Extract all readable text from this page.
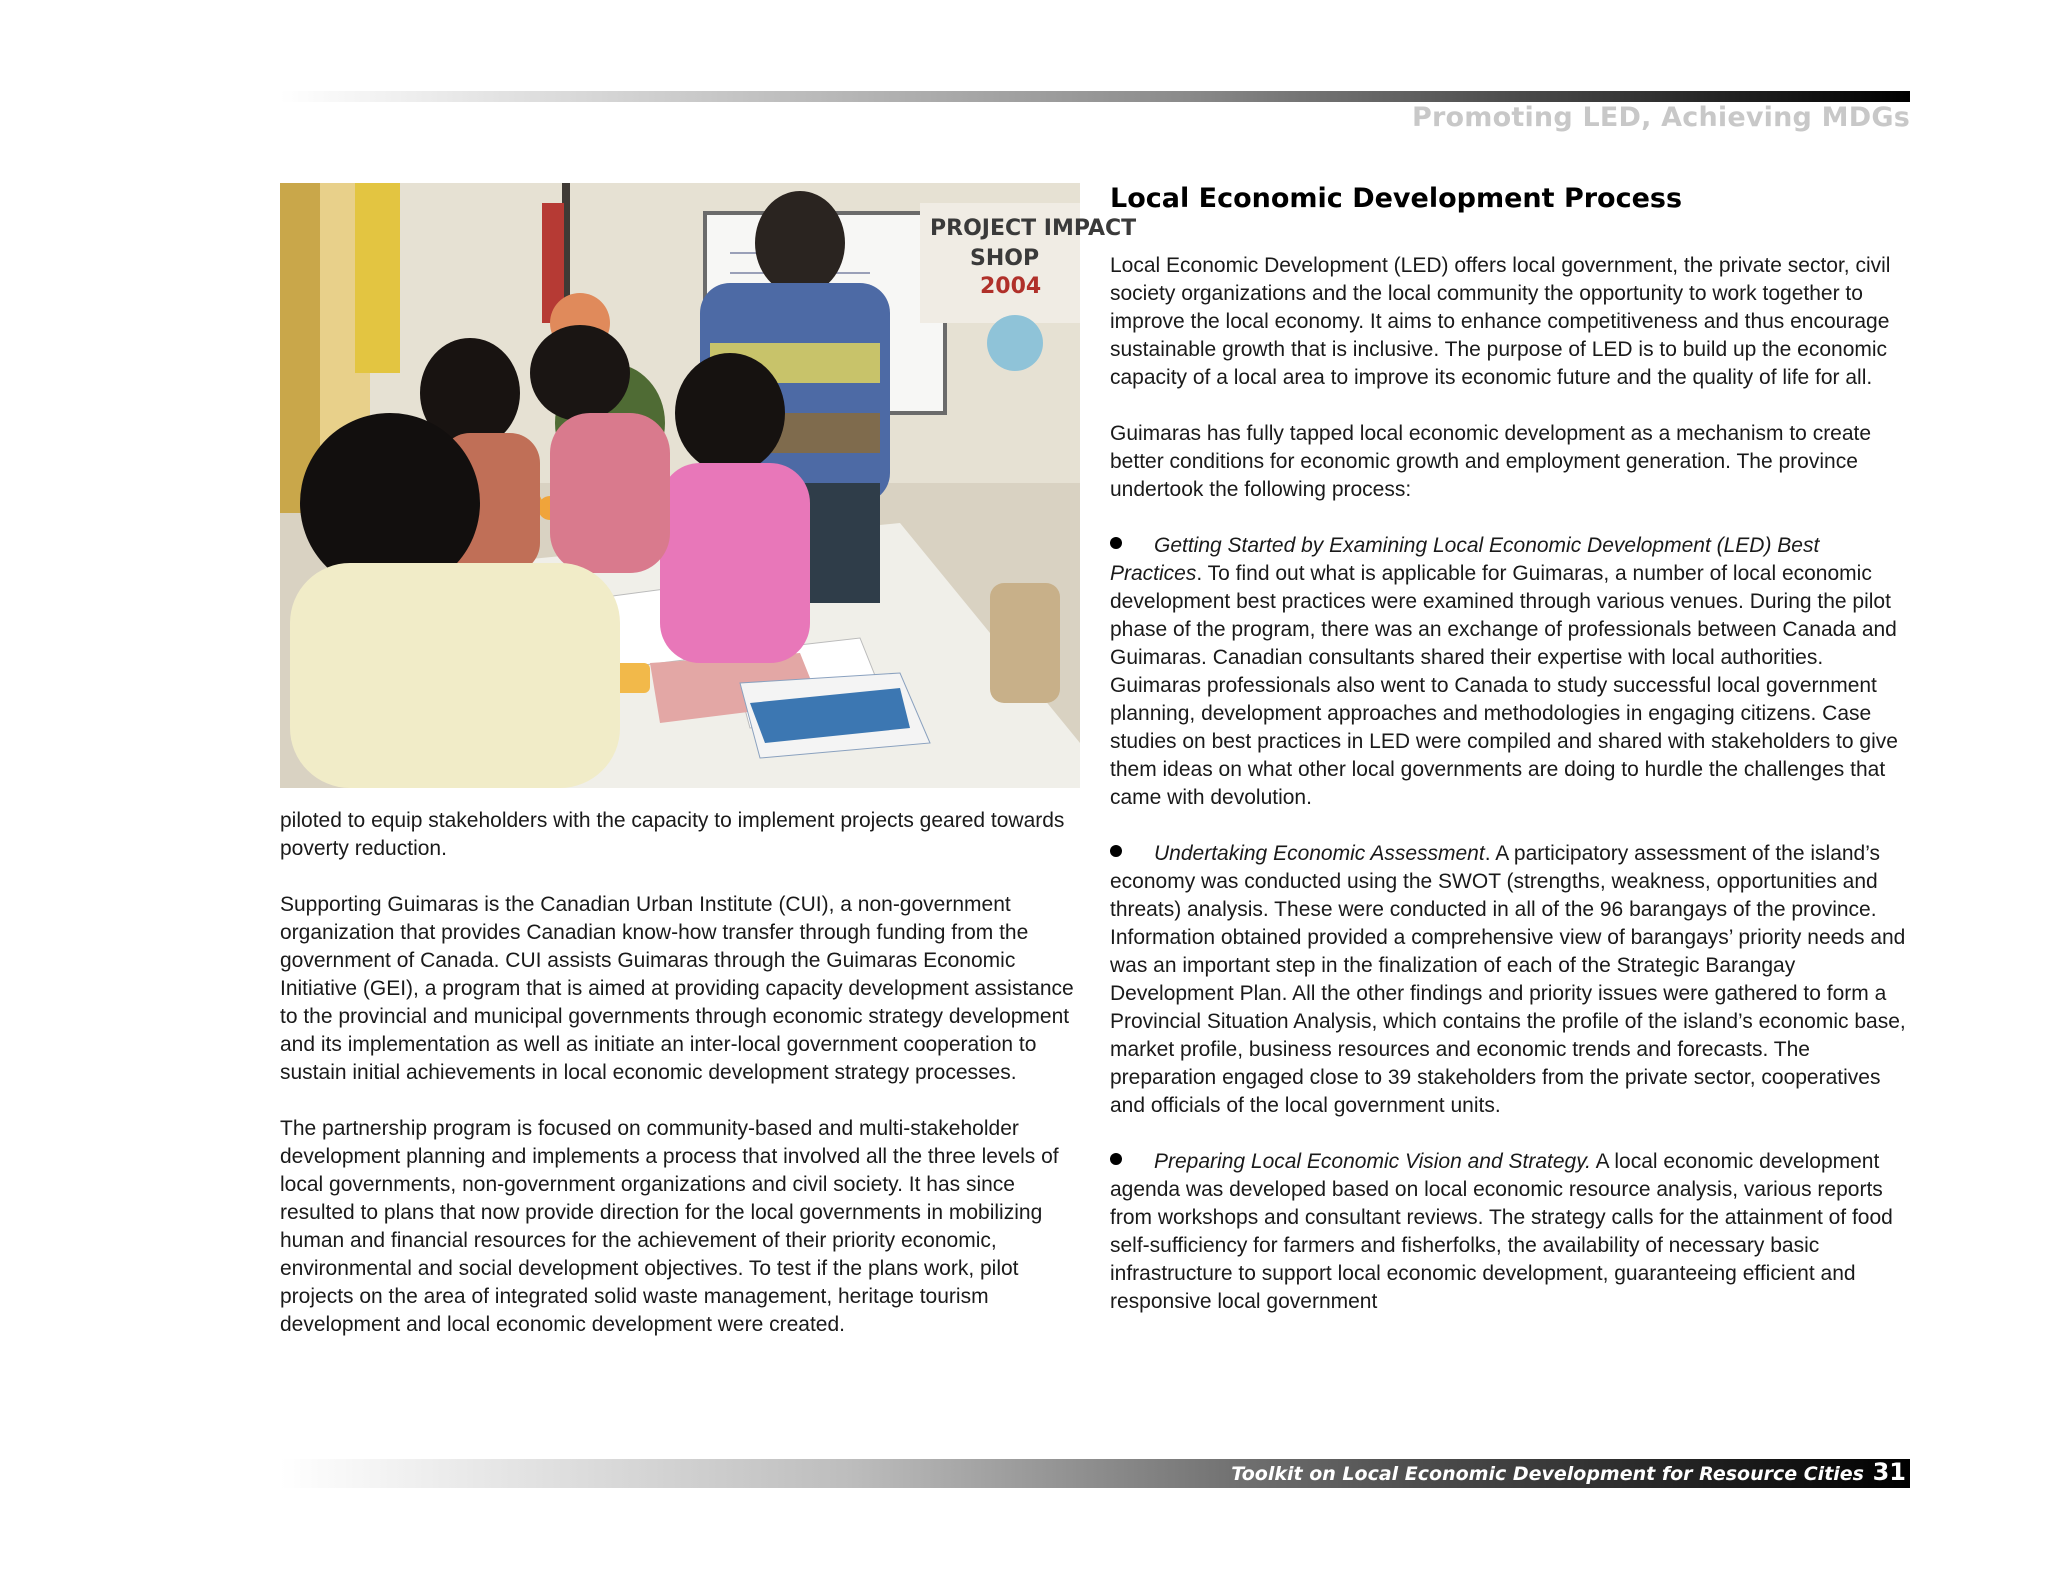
Promoting LED, Achieving MDGs
PROJECT IMPACT
SHOP
2004

piloted to equip stakeholders with the capacity to implement projects geared towards poverty reduction.

Supporting Guimaras is the Canadian Urban Institute (CUI), a non-government organization that provides Canadian know-how transfer through funding from the government of Canada. CUI assists Guimaras through the Guimaras Economic Initiative (GEI), a program that is aimed at providing capacity development assistance to the provincial and municipal governments through economic strategy development and its implementation as well as initiate an inter-local government cooperation to sustain initial achievements in local economic development strategy processes.

The partnership program is focused on community-based and multi-stakeholder development planning and implements a process that involved all the three levels of local governments, non-government organizations and civil society. It has since resulted to plans that now provide direction for the local governments in mobilizing human and financial resources for the achievement of their priority economic, environmental and social development objectives. To test if the plans work, pilot projects on the area of integrated solid waste management, heritage tourism development and local economic development were created.

Local Economic Development Process

Local Economic Development (LED) offers local government, the private sector, civil society organizations and the local community the opportunity to work together to improve the local economy. It aims to enhance competitiveness and thus encourage sustainable growth that is inclusive. The purpose of LED is to build up the economic capacity of a local area to improve its economic future and the quality of life for all.

Guimaras has fully tapped local economic development as a mechanism to create better conditions for economic growth and employment generation. The province undertook the following process:

Getting Started by Examining Local Economic Development (LED) Best Practices. To find out what is applicable for Guimaras, a number of local economic development best practices were examined through various venues. During the pilot phase of the program, there was an exchange of professionals between Canada and Guimaras. Canadian consultants shared their expertise with local authorities. Guimaras professionals also went to Canada to study successful local government planning, development approaches and methodologies in engaging citizens. Case studies on best practices in LED were compiled and shared with stakeholders to give them ideas on what other local governments are doing to hurdle the challenges that came with devolution.

Undertaking Economic Assessment. A participatory assessment of the island’s economy was conducted using the SWOT (strengths, weakness, opportunities and threats) analysis. These were conducted in all of the 96 barangays of the province. Information obtained provided a comprehensive view of barangays’ priority needs and was an important step in the finalization of each of the Strategic Barangay Development Plan. All the other findings and priority issues were gathered to form a Provincial Situation Analysis, which contains the profile of the island’s economic base, market profile, business resources and economic trends and forecasts. The preparation engaged close to 39 stakeholders from the private sector, cooperatives and officials of the local government units.

Preparing Local Economic Vision and Strategy. A local economic development agenda was developed based on local economic resource analysis, various reports from workshops and consultant reviews. The strategy calls for the attainment of food self-sufficiency for farmers and fisherfolks, the availability of necessary basic infrastructure to support local economic development, guaranteeing efficient and responsive local government

Toolkit on Local Economic Development for Resource Cities 31
